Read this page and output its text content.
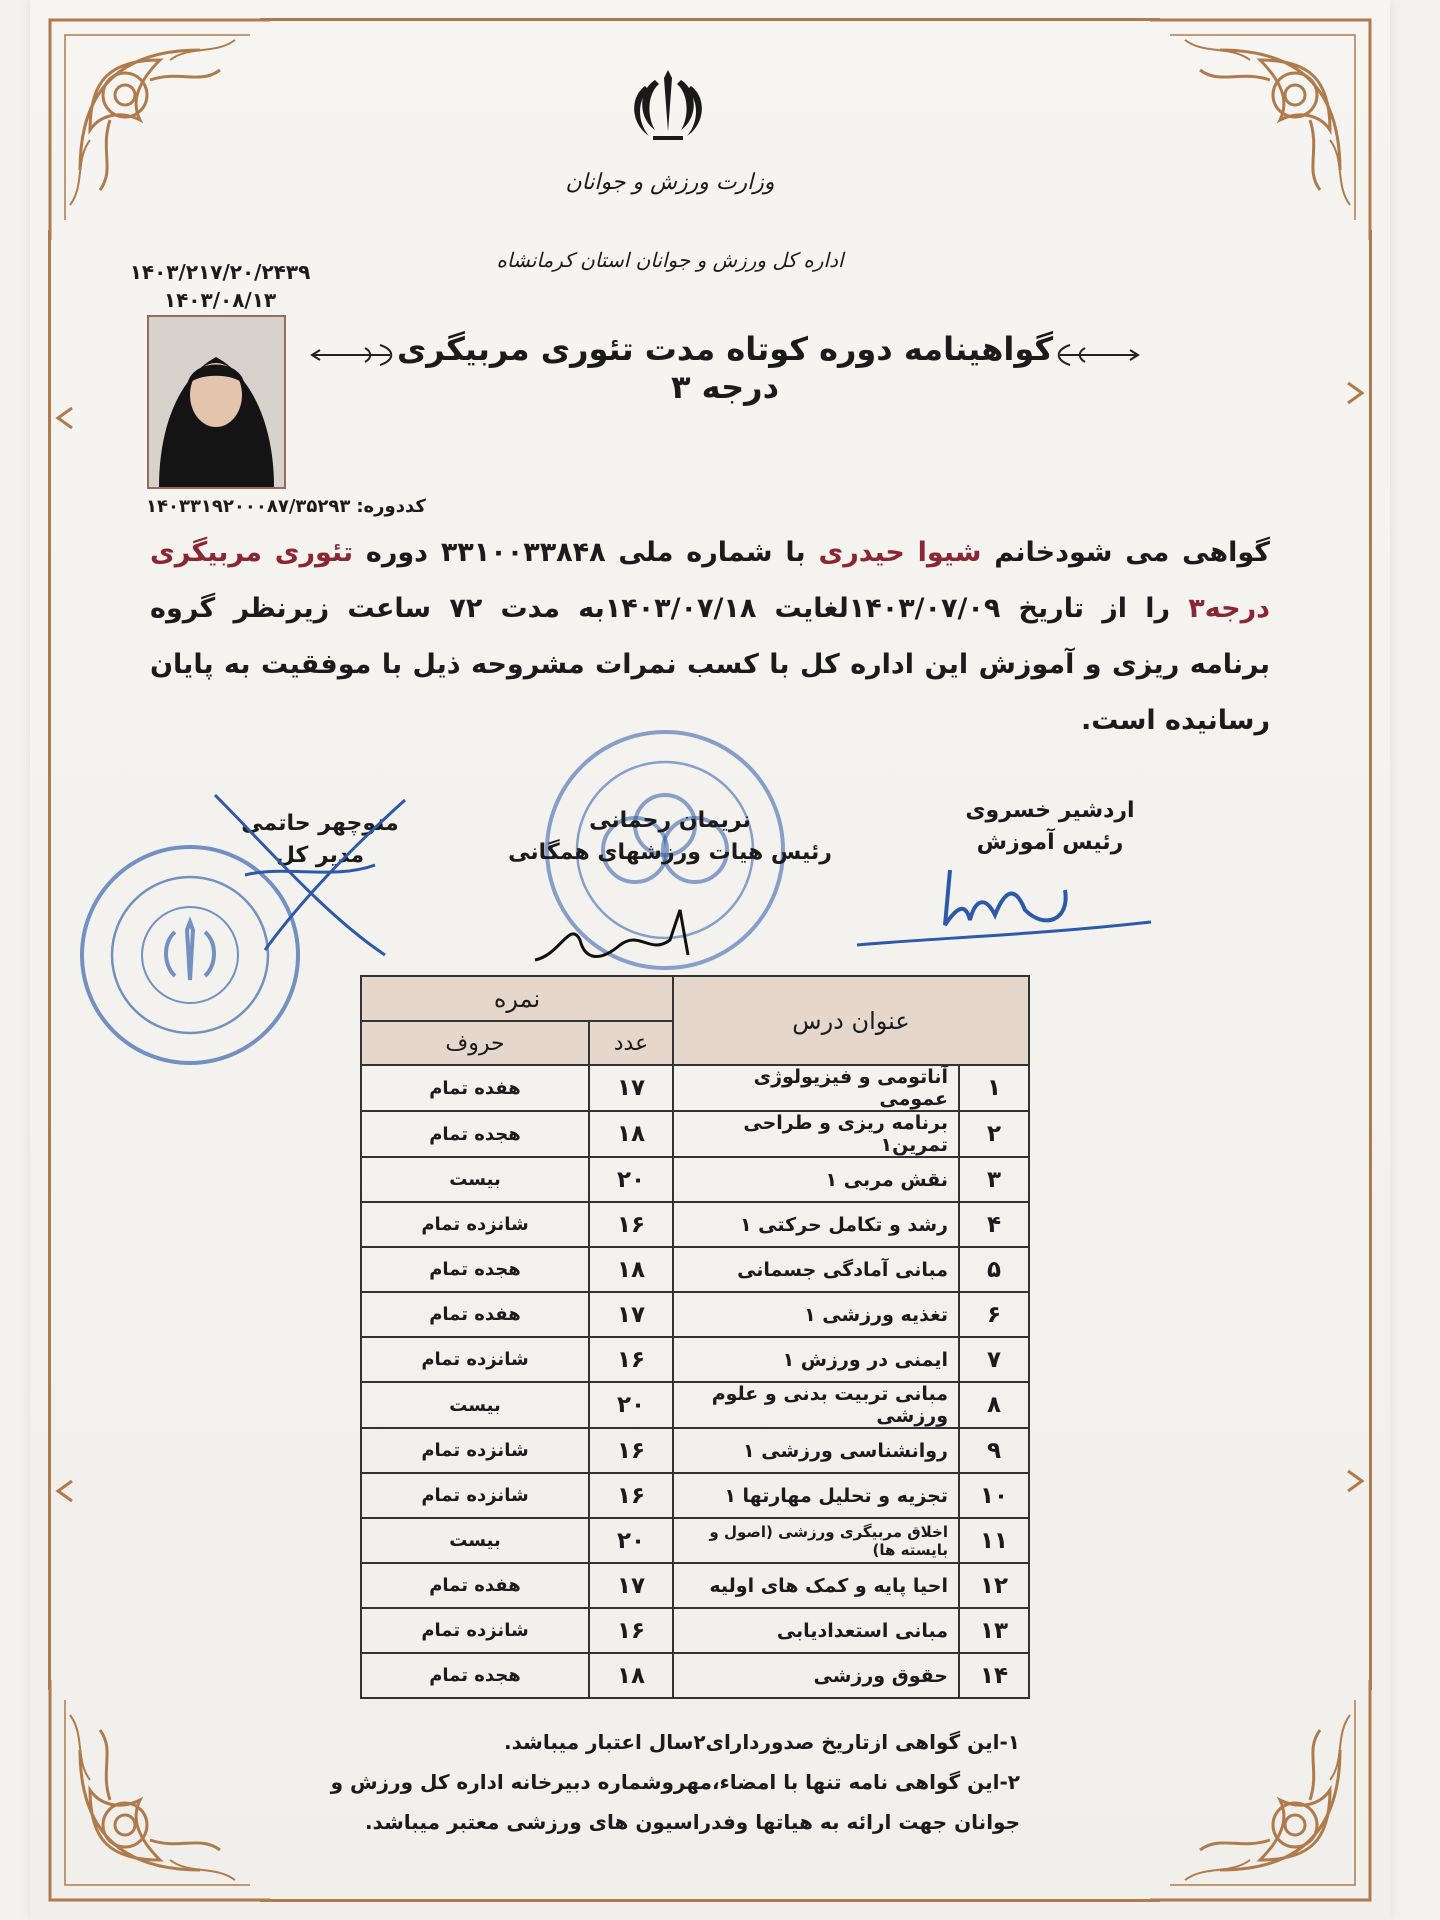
وزارت ورزش و جوانان
اداره کل ورزش و جوانان استان کرمانشاه
۱۴۰۳/۲۱۷/۲۰/۲۴۳۹
۱۴۰۳/۰۸/۱۳
کددوره:۱۴۰۳۳۱۹۲۰۰۰۸۷/۳۵۲۹۳
گواهینامه دوره کوتاه مدت تئوری مربیگری درجه ۳
گواهی می شودخانم شیوا حیدری با شماره ملی ۳۳۱۰۰۳۳۸۴۸ دوره تئوری مربیگری درجه۳ را از تاریخ ۱۴۰۳/۰۷/۰۹لغایت ۱۴۰۳/۰۷/۱۸به مدت ۷۲ ساعت زیرنظر گروه برنامه ریزی و آموزش این اداره کل با کسب نمرات مشروحه ذیل با موفقیت به پایان رسانیده است.
اردشیر خسروی
رئیس آموزش
نریمان رحمانی
رئیس هیات ورزشهای همگانی
منوچهر حاتمی
مدیر کل
عنوان درس		نمره	
		عدد	حروف
۱	آناتومی و فیزیولوژی عمومی	۱۷	هفده تمام
۲	برنامه ریزی و طراحی تمرین۱	۱۸	هجده تمام
۳	نقش مربی ۱	۲۰	بیست
۴	رشد و تکامل حرکتی ۱	۱۶	شانزده تمام
۵	مبانی آمادگی جسمانی	۱۸	هجده تمام
۶	تغذیه ورزشی ۱	۱۷	هفده تمام
۷	ایمنی در ورزش ۱	۱۶	شانزده تمام
۸	مبانی تربیت بدنی و علوم ورزشی	۲۰	بیست
۹	روانشناسی ورزشی ۱	۱۶	شانزده تمام
۱۰	تجزیه و تحلیل مهارتها ۱	۱۶	شانزده تمام
۱۱	اخلاق مربیگری ورزشی (اصول و بایسته ها)	۲۰	بیست
۱۲	احیا پایه و کمک های اولیه	۱۷	هفده تمام
۱۳	مبانی استعدادیابی	۱۶	شانزده تمام
۱۴	حقوق ورزشی	۱۸	هجده تمام
۱-این گواهی ازتاریخ صدوردارای۲سال اعتبار میباشد.
۲-این گواهی نامه تنها با امضاء،مهروشماره دبیرخانه اداره کل ورزش و جوانان جهت ارائه به هیاتها وفدراسیون های ورزشی معتبر میباشد.
